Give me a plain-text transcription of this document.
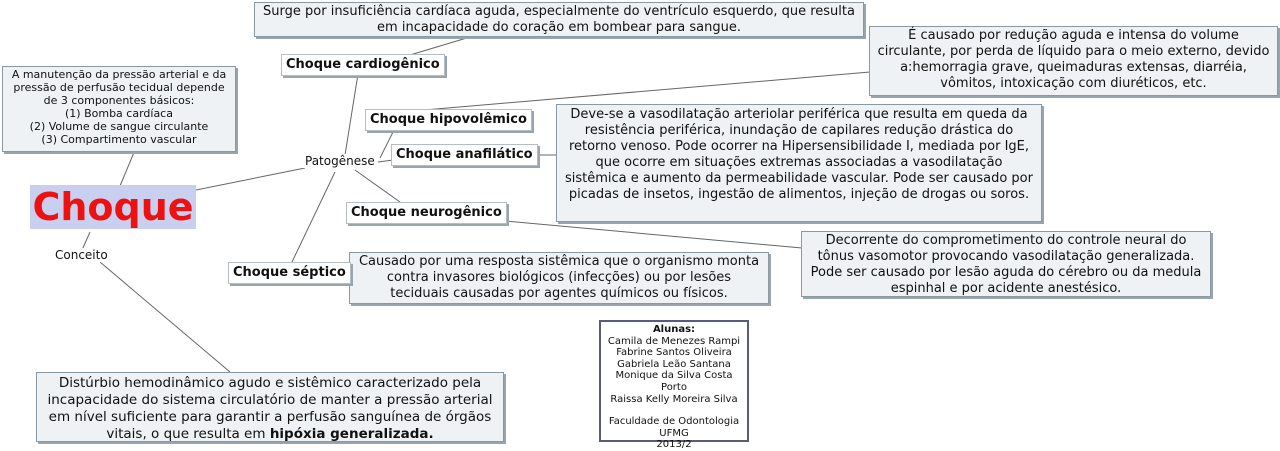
Choque
Conceito
Patogênese
Distúrbio hemodinâmico agudo e sistêmico caracterizado pela incapacidade do sistema circulatório de manter a pressão arterial em nível suficiente para garantir a perfusão sanguínea de órgãos vitais, o que resulta em hipóxia generalizada.

A manutenção da pressão arterial e da pressão de perfusão tecidual depende de 3 componentes básicos:

(1) Bomba cardíaca

(2) Volume de sangue circulante

(3) Compartimento vascular

Surge por insuficiência cardíaca aguda, especialmente do ventrículo esquerdo, que resulta em incapacidade do coração em bombear para sangue.
Choque cardiogênico
É causado por redução aguda e intensa do volume circulante, por perda de líquido para o meio externo, devido a:hemorragia grave, queimaduras extensas, diarréia, vômitos, intoxicação com diuréticos, etc.
Choque hipovolêmico	Deve-se a vasodilatação arteriolar periférica que resulta em queda da resistência periférica, inundação de capilares redução drástica do retorno venoso. Pode ocorrer na Hipersensibilidade I, mediada por IgE, que ocorre em situações extremas associadas a vasodilatação sistêmica e aumento da permeabilidade vascular. Pode ser causado por picadas de insetos, ingestão de alimentos, injeção de drogas ou soros.
Choque anafilático
Decorrente do comprometimento do controle neural do tônus vasomotor provocando vasodilatação generalizada. Pode ser causado por lesão aguda do cérebro ou da medula espinhal e por acidente anestésico.
Choque neurogênico
Causado por uma resposta sistêmica que o organismo monta contra invasores biológicos (infecções) ou por lesões teciduais causadas por agentes químicos ou físicos.
Choque séptico
Alunas:
Camila de Menezes Rampi
Fabrine Santos Oliveira
Gabriela Leão Santana
Monique da Silva Costa Porto
Raissa Kelly Moreira Silva
Faculdade de Odontologia
UFMG
2013/2
